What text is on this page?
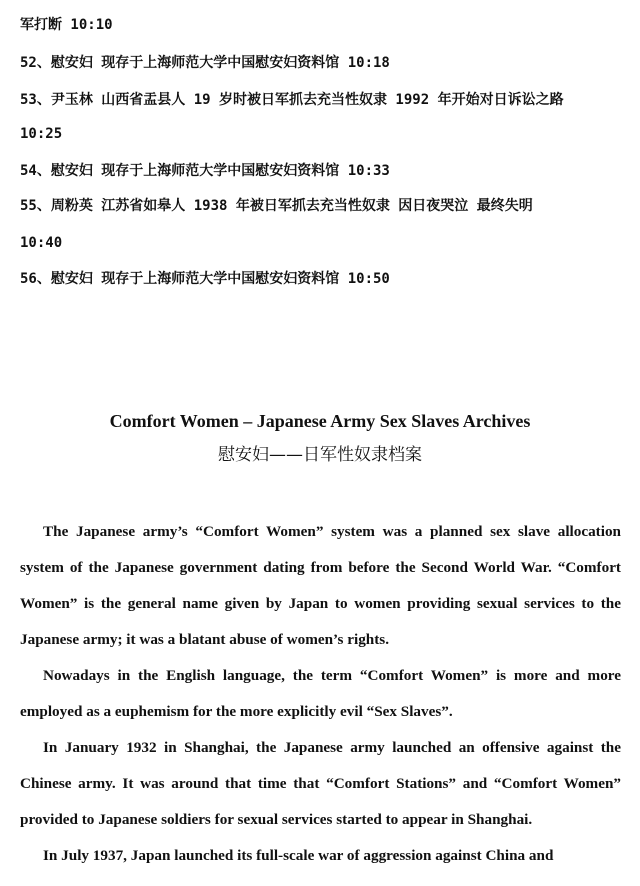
军打断 10:10
52、慰安妇 现存于上海师范大学中国慰安妇资料馆 10:18
53、尹玉林 山西省盂县人 19 岁时被日军抓去充当性奴隶 1992 年开始对日诉讼之路
10:25
54、慰安妇 现存于上海师范大学中国慰安妇资料馆 10:33
55、周粉英 江苏省如皋人 1938 年被日军抓去充当性奴隶 因日夜哭泣 最终失明
10:40
56、慰安妇 现存于上海师范大学中国慰安妇资料馆 10:50
Comfort Women – Japanese Army Sex Slaves Archives
慰安妇——日军性奴隶档案

The Japanese army’s “Comfort Women” system was a planned sex slave allocation system of the Japanese government dating from before the Second World War. “Comfort Women” is the general name given by Japan to women providing sexual services to the Japanese army; it was a blatant abuse of women’s rights.

Nowadays in the English language, the term “Comfort Women” is more and more employed as a euphemism for the more explicitly evil “Sex Slaves”.

In January 1932 in Shanghai, the Japanese army launched an offensive against the Chinese army. It was around that time that “Comfort Stations” and “Comfort Women” provided to Japanese soldiers for sexual services started to appear in Shanghai.

In July 1937, Japan launched its full-scale war of aggression against China and
